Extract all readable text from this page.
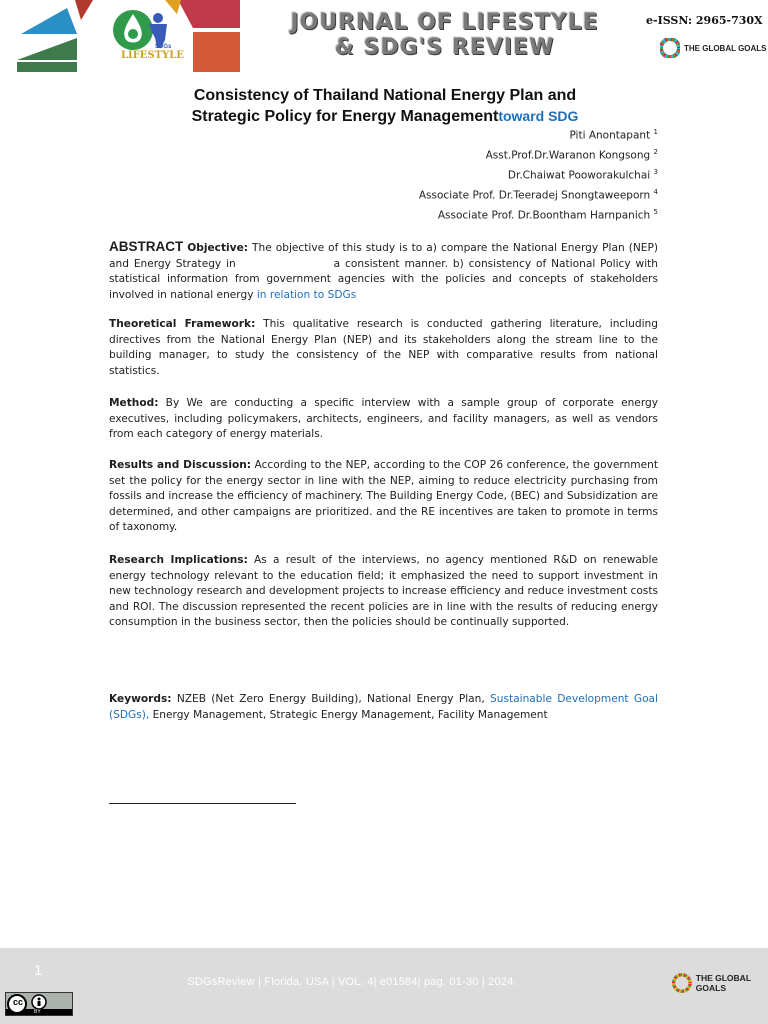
LIFESTYLE
SDGs
JOURNAL OF LIFESTYLE
& SDG'S REVIEW
e-ISSN: 2965-730X
THE GLOBAL GOALS
Consistency of Thailand National Energy Plan and
Strategic Policy for Energy Managementtoward SDG
Piti Anontapant $^1$
Asst.Prof.Dr.Waranon Kongsong $^2$
Dr.Chaiwat Pooworakulchai $^3$
Associate Prof. Dr.Teeradej Snongtaweeporn $^4$
Associate Prof. Dr.Boontham Harnpanich $^5$

ABSTRACT Objective: The objective of this study is to a) compare the National Energy Plan (NEP) and Energy Strategy in                    a consistent manner. b) consistency of National Policy with statistical information from government agencies with the policies and concepts of stakeholders involved in national energy in relation to SDGs

Theoretical Framework: This qualitative research is conducted gathering literature, including directives from the National Energy Plan (NEP) and its stakeholders along the stream line to the building manager, to study the consistency of the NEP with comparative results from national statistics.

Method: By We are conducting a specific interview with a sample group of corporate energy executives, including policymakers, architects, engineers, and facility managers, as well as vendors from each category of energy materials.

Results and Discussion: According to the NEP, according to the COP 26 conference, the government set the policy for the energy sector in line with the NEP, aiming to reduce electricity purchasing from fossils and increase the efficiency of machinery. The Building Energy Code, (BEC) and Subsidization are determined, and other campaigns are prioritized. and the RE incentives are taken to promote in terms of taxonomy.

Research Implications: As a result of the interviews, no agency mentioned R&D on renewable energy technology relevant to the education field; it emphasized the need to support investment in new technology research and development projects to increase efficiency and reduce investment costs and ROI. The discussion represented the recent policies are in line with the results of reducing energy consumption in the business sector, then the policies should be continually supported.

Keywords: NZEB (Net Zero Energy Building), National Energy Plan, Sustainable Development Goal (SDGs), Energy Management, Strategic Energy Management, Facility Management

1
SDGsReview | Florida, USA | VOL. 4| e01584| pag. 01-30 | 2024.
cc
BY
THE GLOBAL GOALS
